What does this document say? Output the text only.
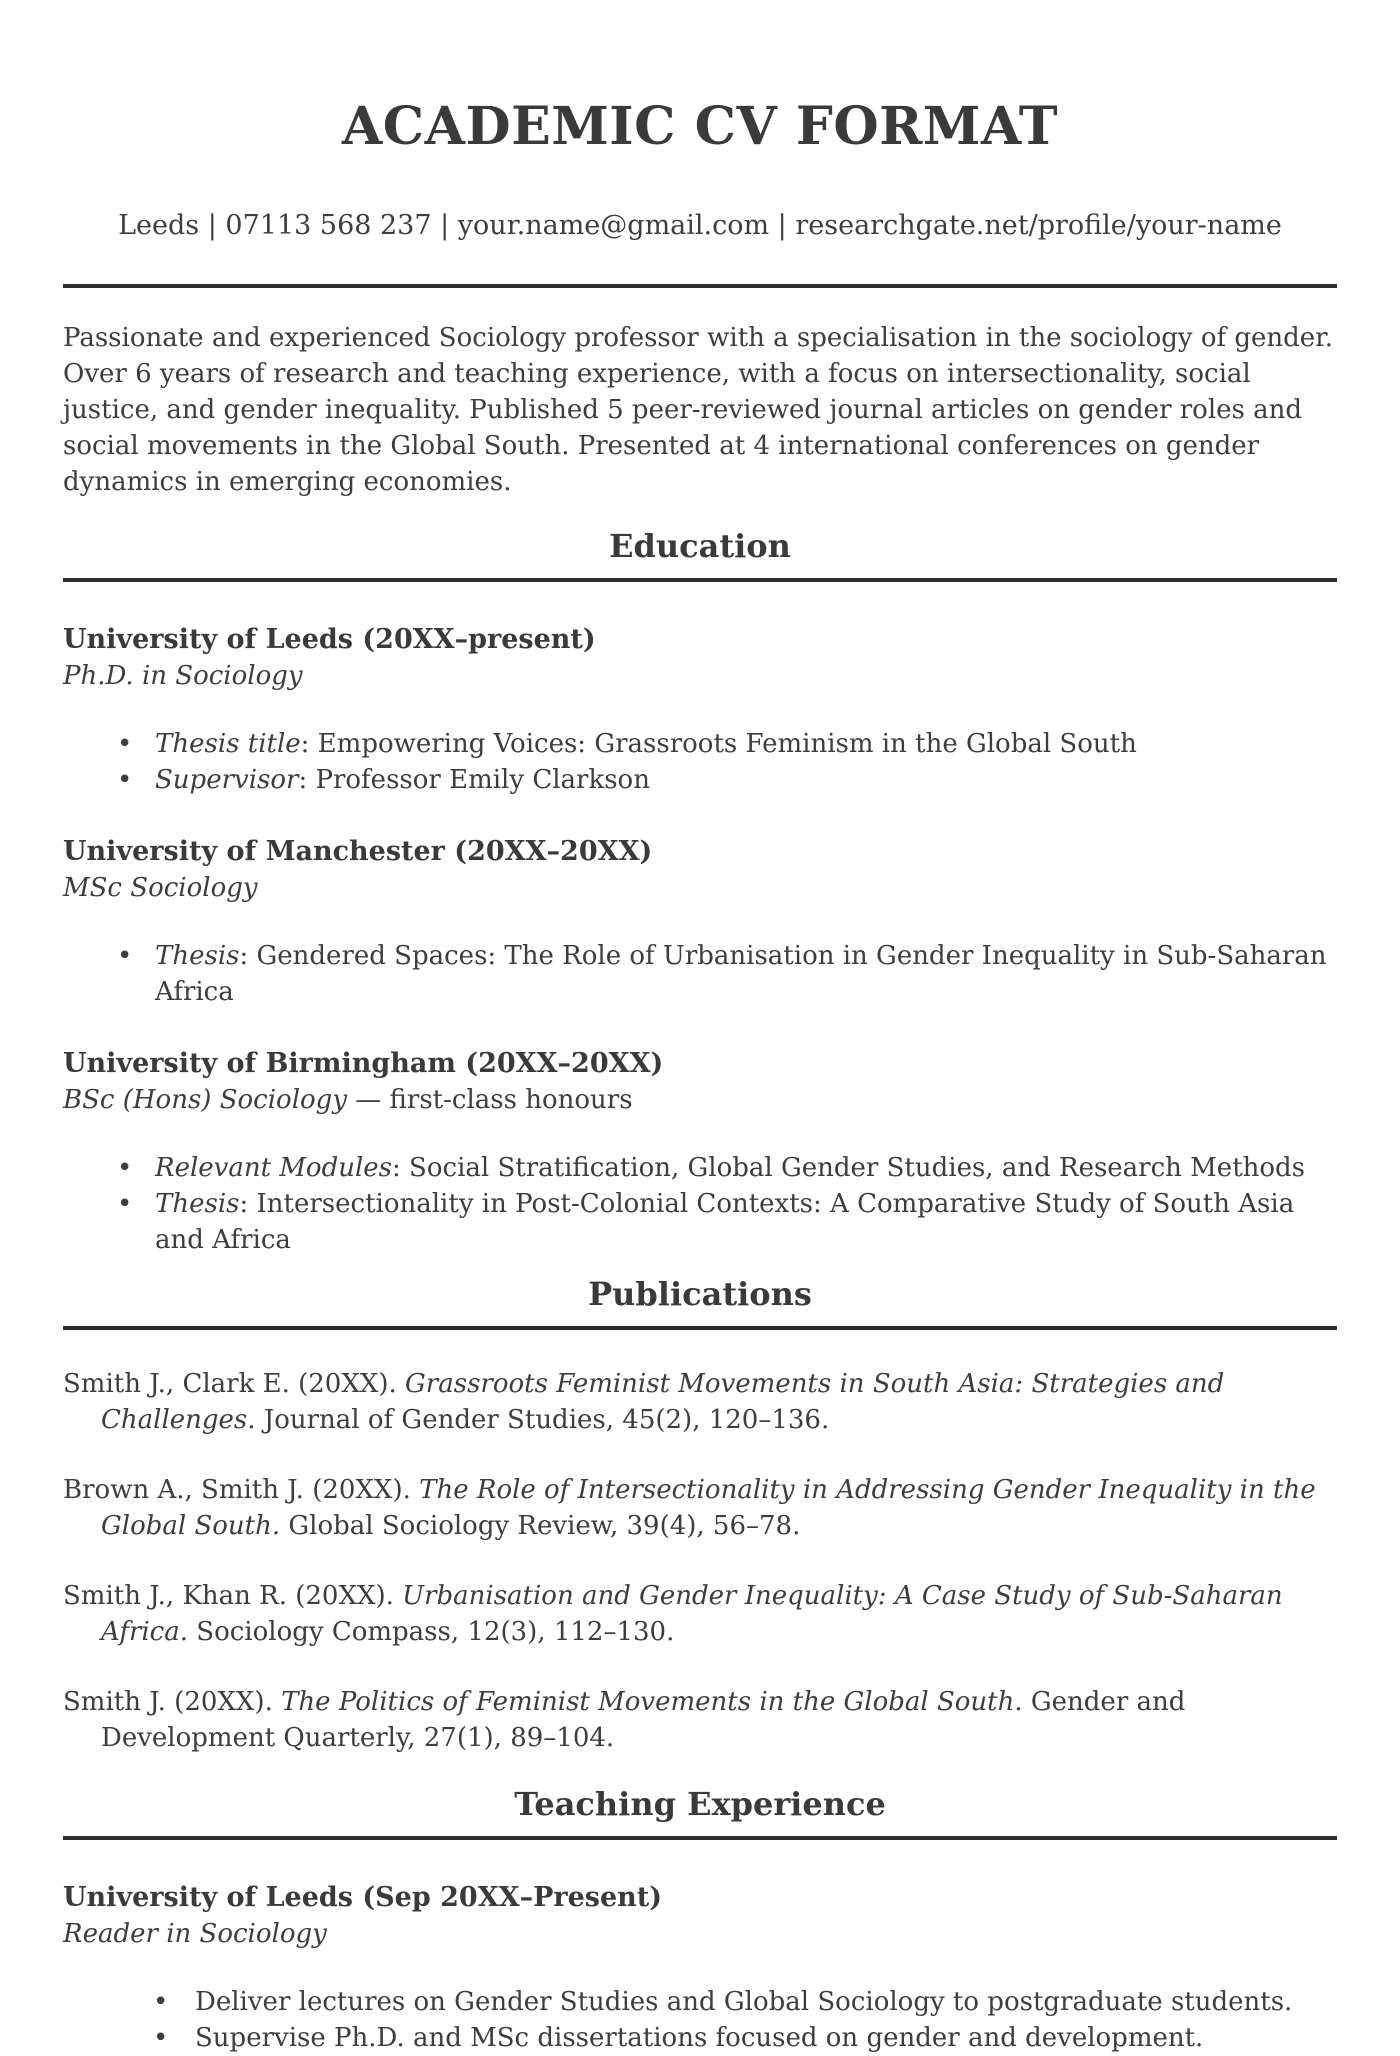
ACADEMIC CV FORMAT
Leeds | 07113 568 237 | your.name@gmail.com | researchgate.net/profile/your-name

Passionate and experienced Sociology professor with a specialisation in the sociology of gender. Over 6 years of research and teaching experience, with a focus on intersectionality, social justice, and gender inequality. Published 5 peer-reviewed journal articles on gender roles and social movements in the Global South. Presented at 4 international conferences on gender dynamics in emerging economies.

Education
University of Leeds (20XX–present)
Ph.D. in Sociology
• Thesis title: Empowering Voices: Grassroots Feminism in the Global South
• Supervisor: Professor Emily Clarkson
University of Manchester (20XX–20XX)
MSc Sociology
• Thesis: Gendered Spaces: The Role of Urbanisation in Gender Inequality in Sub-Saharan Africa
University of Birmingham (20XX–20XX)
BSc (Hons) Sociology — first-class honours
• Relevant Modules: Social Stratification, Global Gender Studies, and Research Methods
• Thesis: Intersectionality in Post-Colonial Contexts: A Comparative Study of South Asia and Africa
Publications

Smith J., Clark E. (20XX). Grassroots Feminist Movements in South Asia: Strategies and Challenges. Journal of Gender Studies, 45(2), 120–136.

Brown A., Smith J. (20XX). The Role of Intersectionality in Addressing Gender Inequality in the Global South. Global Sociology Review, 39(4), 56–78.

Smith J., Khan R. (20XX). Urbanisation and Gender Inequality: A Case Study of Sub-Saharan Africa. Sociology Compass, 12(3), 112–130.

Smith J. (20XX). The Politics of Feminist Movements in the Global South. Gender and Development Quarterly, 27(1), 89–104.

Teaching Experience
University of Leeds (Sep 20XX–Present)
Reader in Sociology
•	Deliver lectures on Gender Studies and Global Sociology to postgraduate students.
•	Supervise Ph.D. and MSc dissertations focused on gender and development.
